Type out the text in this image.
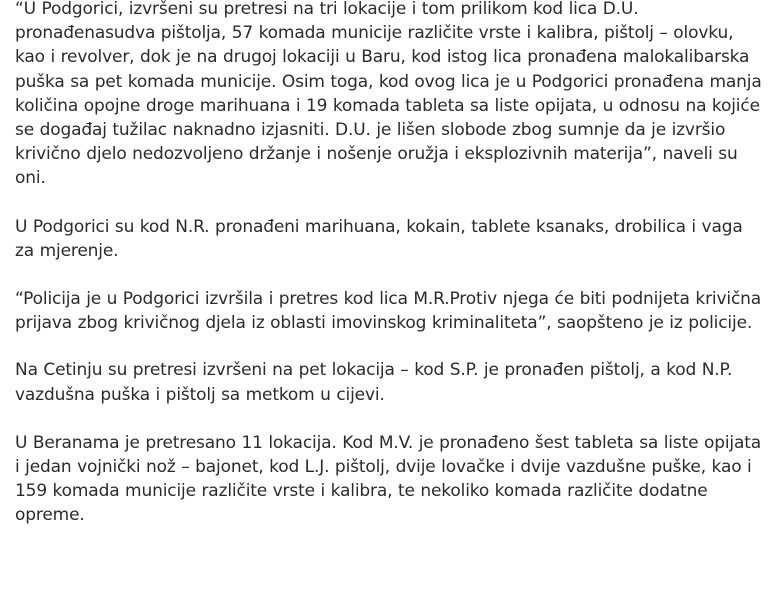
“U Podgorici, izvršeni su pretresi na tri lokacije i tom prilikom kod lica D.U. pronađenasudva pištolja, 57 komada municije različite vrste i kalibra, pištolj – olovku, kao i revolver, dok je na drugoj lokaciji u Baru, kod istog lica pronađena malokalibarska puška sa pet komada municije. Osim toga, kod ovog lica je u Podgorici pronađena manja količina opojne droge marihuana i 19 komada tableta sa liste opijata, u odnosu na kojiće se događaj tužilac naknadno izjasniti. D.U. je lišen slobode zbog sumnje da je izvršio krivično djelo nedozvoljeno držanje i nošenje oružja i eksplozivnih materija”, naveli su oni.

U Podgorici su kod N.R. pronađeni marihuana, kokain, tablete ksanaks, drobilica i vaga za mjerenje.

“Policija je u Podgorici izvršila i pretres kod lica M.R.Protiv njega će biti podnijeta krivična prijava zbog krivičnog djela iz oblasti imovinskog kriminaliteta”, saopšteno je iz policije.

Na Cetinju su pretresi izvršeni na pet lokacija – kod S.P. je pronađen pištolj, a kod N.P. vazdušna puška i pištolj sa metkom u cijevi.

U Beranama je pretresano 11 lokacija. Kod M.V. je pronađeno šest tableta sa liste opijata i jedan vojnički nož – bajonet, kod L.J. pištolj, dvije lovačke i dvije vazdušne puške, kao i 159 komada municije različite vrste i kalibra, te nekoliko komada različite dodatne opreme.
